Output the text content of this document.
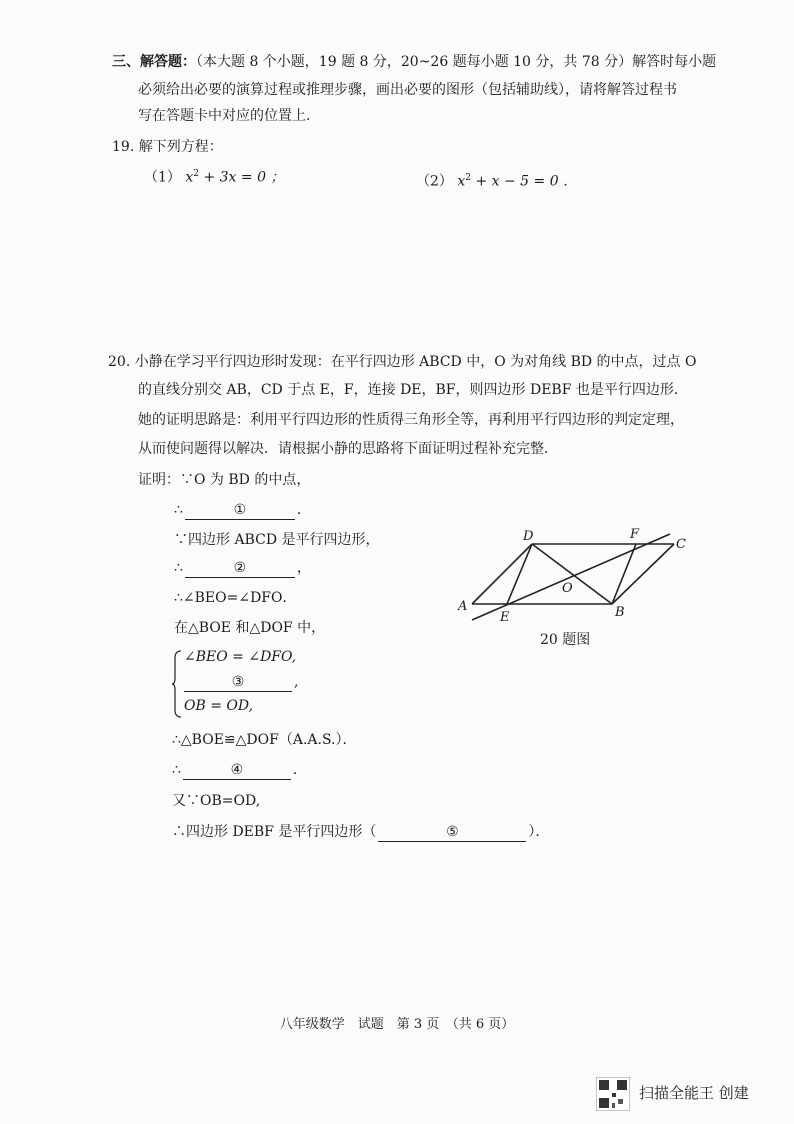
三、解答题：（本大题 8 个小题，19 题 8 分，20~26 题每小题 10 分，共 78 分）解答时每小题
必须给出必要的演算过程或推理步骤，画出必要的图形（包括辅助线），请将解答过程书
写在答题卡中对应的位置上．
19. 解下列方程：
（1） $x^2 + 3x = 0$ ；	（2） $x^2 + x - 5 = 0$ ．
20. 小静在学习平行四边形时发现：在平行四边形 ABCD 中，O 为对角线 BD 的中点，过点 O
的直线分别交 AB，CD 于点 E，F，连接 DE，BF，则四边形 DEBF 也是平行四边形．
她的证明思路是：利用平行四边形的性质得三角形全等，再利用平行四边形的判定定理，
从而使问题得以解决．请根据小静的思路将下面证明过程补充完整．
证明：∵O 为 BD 的中点，
∴	①	．
∵四边形 ABCD 是平行四边形，
∴	②	，
∴∠BEO=∠DFO．
在△BOE 和△DOF 中，
∠BEO = ∠DFO,
③	,
OB = OD,
∴△BOE≌△DOF（A.A.S.）．
∴	④	．
又∵OB=OD,
∴四边形 DEBF 是平行四边形（	⑤	）．
A	B
C
D
E
F
O
20 题图
八年级数学　试题　第 3 页　（共 6 页）
扫描全能王 创建
